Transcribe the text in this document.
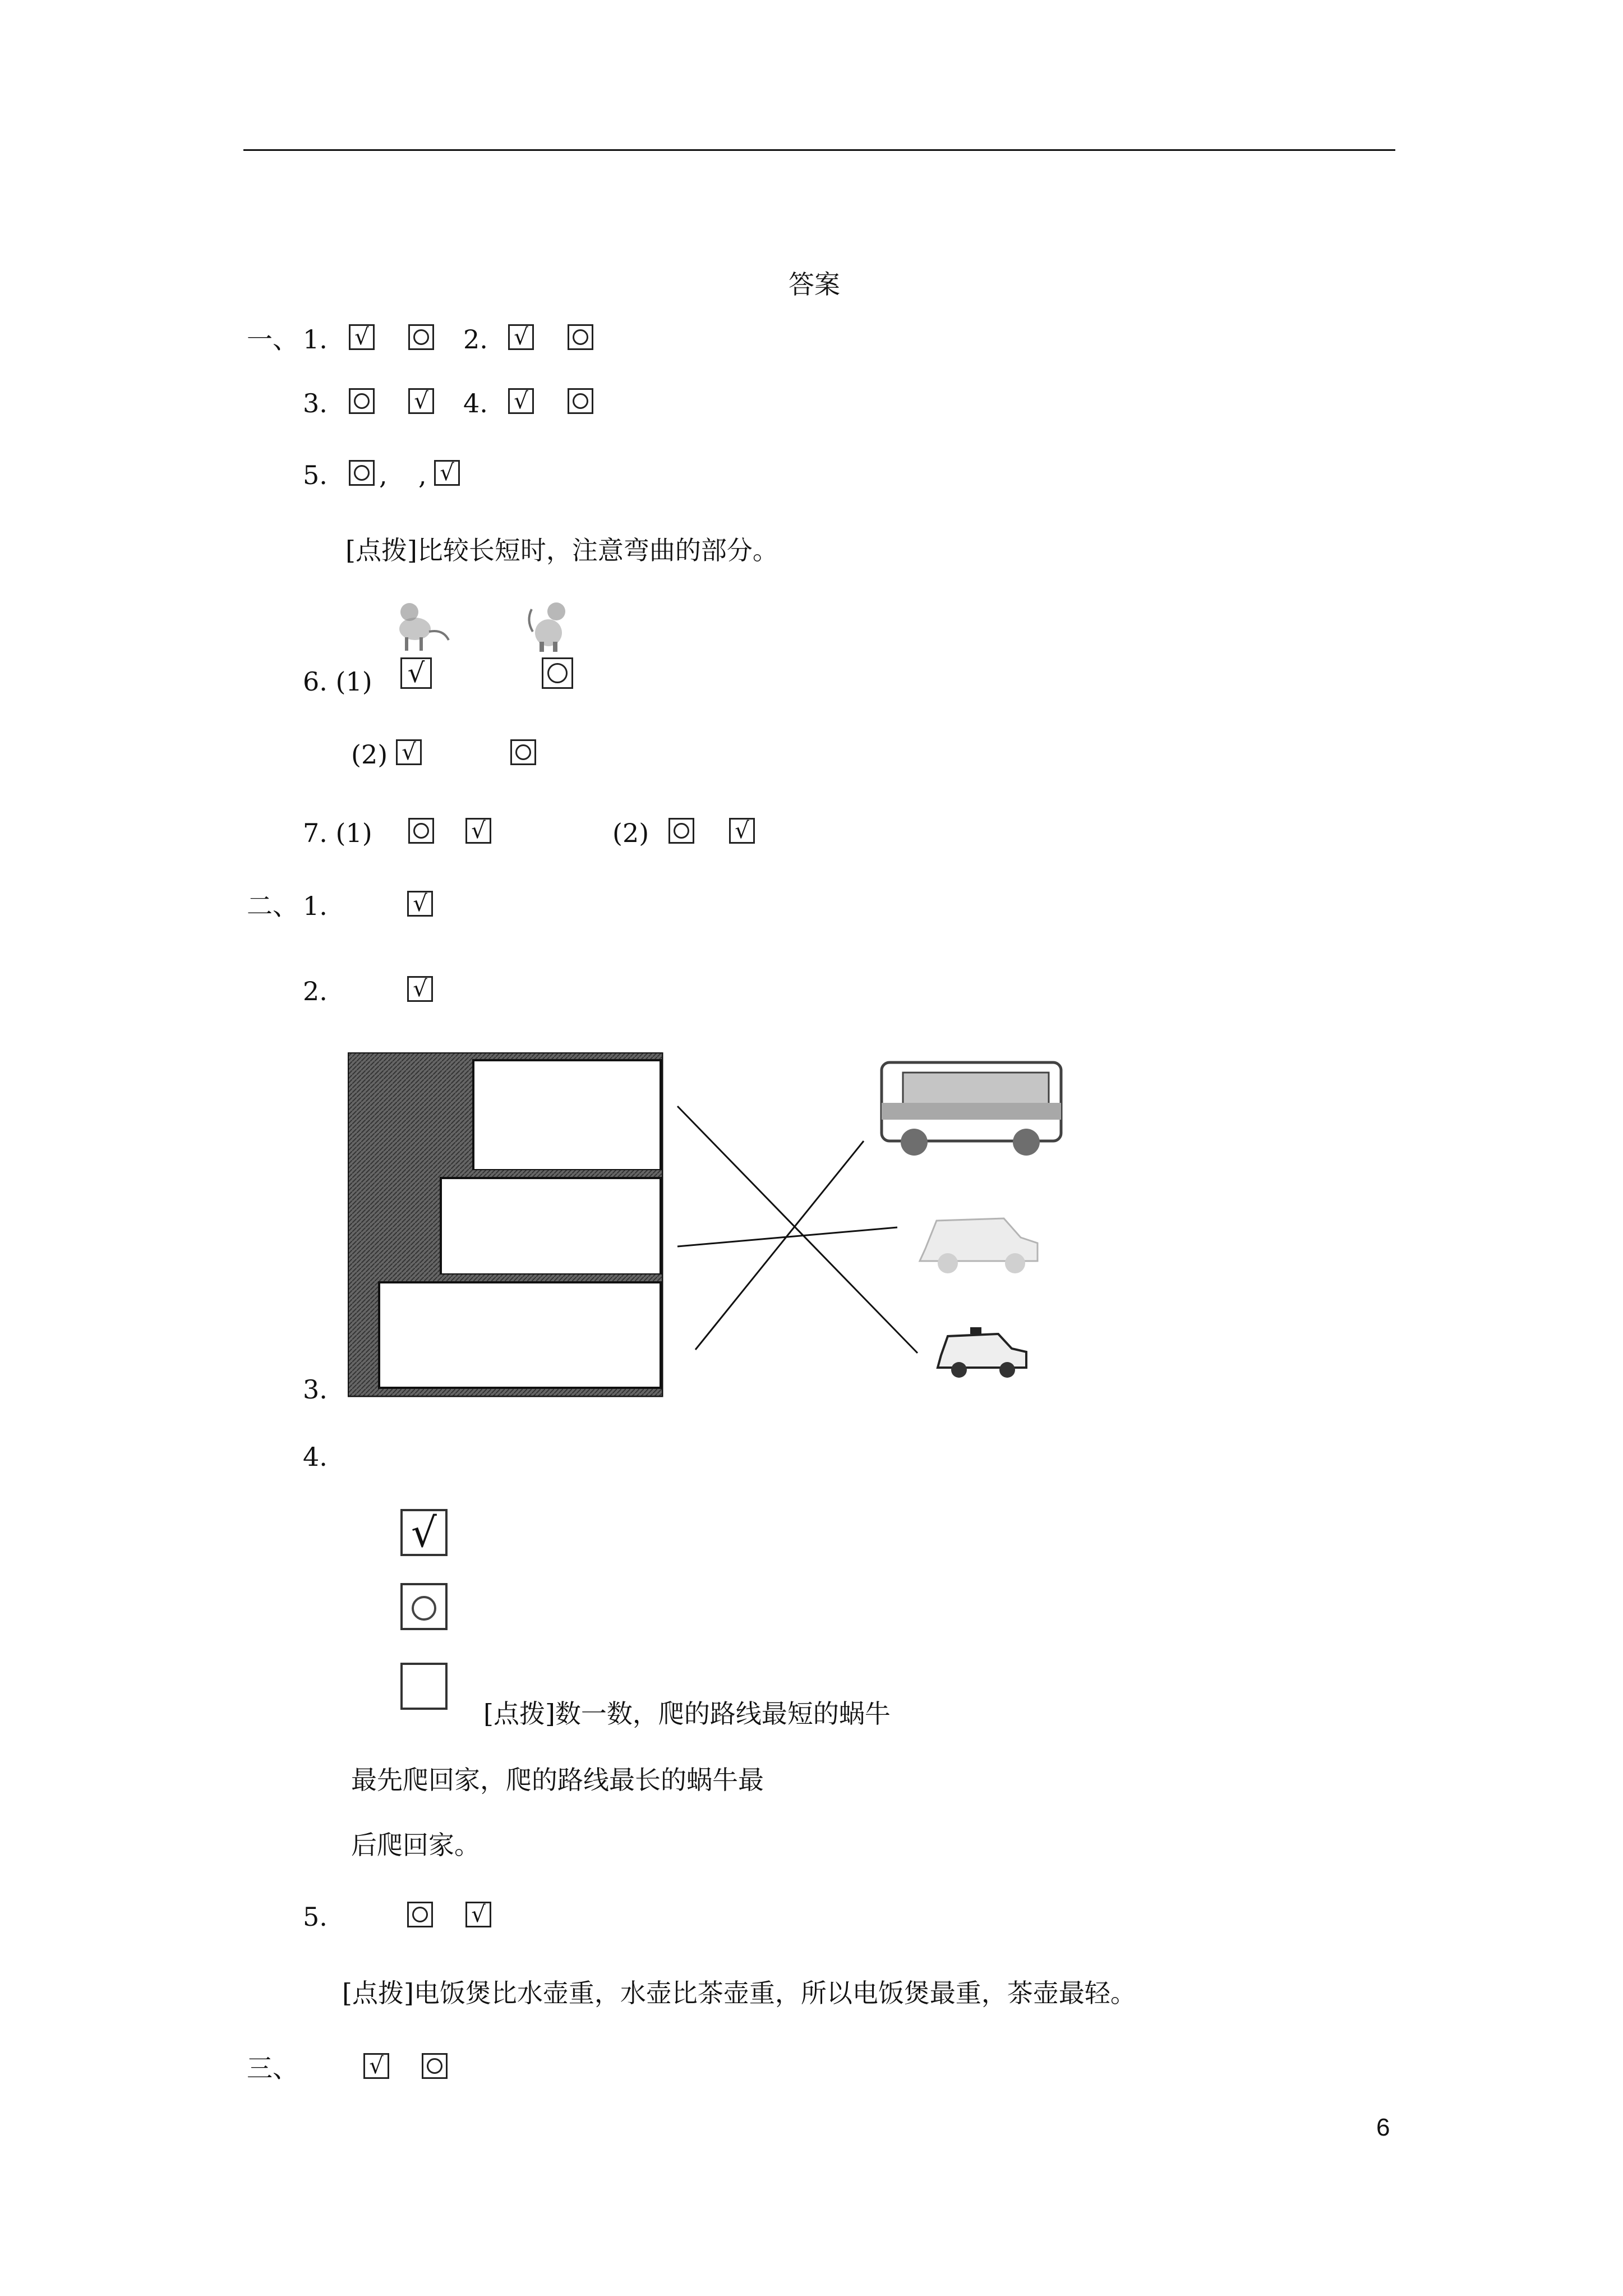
答案
一、 1. √	2. √
3.	√ 4. √
5. , , √
[点拨]比较长短时，注意弯曲的部分。
6. (1) √
(2) √
7. (1)	√	(2)	√
二、 1.	√
2.	√
3.
4.
√
[点拨]数一数，爬的路线最短的蜗牛
最先爬回家，爬的路线最长的蜗牛最
后爬回家。
5.	√
[点拨]电饭煲比水壶重，水壶比茶壶重，所以电饭煲最重，茶壶最轻。
三、	√
6
